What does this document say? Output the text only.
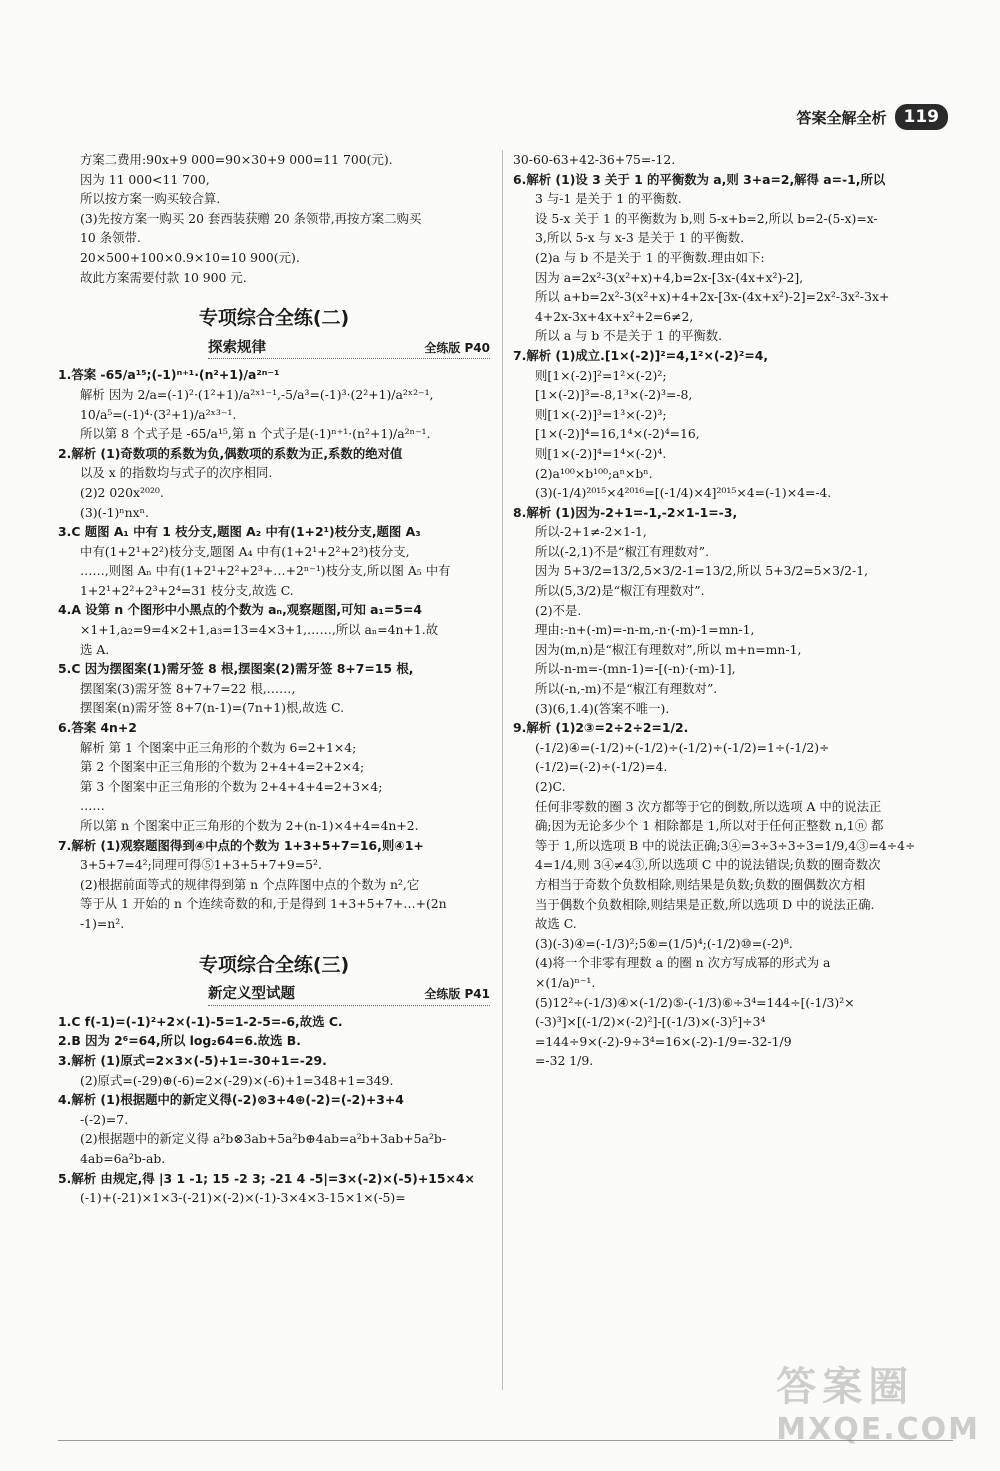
答案全解全析	119
方案二费用:90x+9 000=90×30+9 000=11 700(元).
因为 11 000<11 700,
所以按方案一购买较合算.
(3)先按方案一购买 20 套西装获赠 20 条领带,再按方案二购买
10 条领带.
20×500+100×0.9×10=10 900(元).
故此方案需要付款 10 900 元.
专项综合全练(二)
探索规律	全练版 P40
1.答案 -65/a¹⁵;(-1)ⁿ⁺¹·(n²+1)/a²ⁿ⁻¹
解析 因为 2/a=(-1)²·(1²+1)/a²ˣ¹⁻¹,-5/a³=(-1)³·(2²+1)/a²ˣ²⁻¹,
10/a⁵=(-1)⁴·(3²+1)/a²ˣ³⁻¹.
所以第 8 个式子是 -65/a¹⁵,第 n 个式子是(-1)ⁿ⁺¹·(n²+1)/a²ⁿ⁻¹.
2.解析 (1)奇数项的系数为负,偶数项的系数为正,系数的绝对值
以及 x 的指数均与式子的次序相同.
(2)2 020x²⁰²⁰.
(3)(-1)ⁿnxⁿ.
3.C 题图 A₁ 中有 1 枝分支,题图 A₂ 中有(1+2¹)枝分支,题图 A₃
中有(1+2¹+2²)枝分支,题图 A₄ 中有(1+2¹+2²+2³)枝分支,
……,则图 Aₙ 中有(1+2¹+2²+2³+…+2ⁿ⁻¹)枝分支,所以图 A₅ 中有
1+2¹+2²+2³+2⁴=31 枝分支,故选 C.
4.A 设第 n 个图形中小黑点的个数为 aₙ,观察题图,可知 a₁=5=4
×1+1,a₂=9=4×2+1,a₃=13=4×3+1,……,所以 aₙ=4n+1.故
选 A.
5.C 因为摆图案(1)需牙签 8 根,摆图案(2)需牙签 8+7=15 根,
摆图案(3)需牙签 8+7+7=22 根,……,
摆图案(n)需牙签 8+7(n-1)=(7n+1)根,故选 C.
6.答案 4n+2
解析 第 1 个图案中正三角形的个数为 6=2+1×4;
第 2 个图案中正三角形的个数为 2+4+4=2+2×4;
第 3 个图案中正三角形的个数为 2+4+4+4=2+3×4;
……
所以第 n 个图案中正三角形的个数为 2+(n-1)×4+4=4n+2.
7.解析 (1)观察题图得到④中点的个数为 1+3+5+7=16,则④1+
3+5+7=4²;同理可得⑤1+3+5+7+9=5².
(2)根据前面等式的规律得到第 n 个点阵图中点的个数为 n²,它
等于从 1 开始的 n 个连续奇数的和,于是得到 1+3+5+7+…+(2n
-1)=n².
专项综合全练(三)
新定义型试题	全练版 P41
1.C f(-1)=(-1)²+2×(-1)-5=1-2-5=-6,故选 C.
2.B 因为 2⁶=64,所以 log₂64=6.故选 B.
3.解析 (1)原式=2×3×(-5)+1=-30+1=-29.
(2)原式=(-29)⊕(-6)=2×(-29)×(-6)+1=348+1=349.
4.解析 (1)根据题中的新定义得(-2)⊗3+4⊕(-2)=(-2)+3+4
-(-2)=7.
(2)根据题中的新定义得 a²b⊗3ab+5a²b⊕4ab=a²b+3ab+5a²b-
4ab=6a²b-ab.
5.解析 由规定,得 |3 1 -1; 15 -2 3; -21 4 -5|=3×(-2)×(-5)+15×4×
(-1)+(-21)×1×3-(-21)×(-2)×(-1)-3×4×3-15×1×(-5)=
30-60-63+42-36+75=-12.
6.解析 (1)设 3 关于 1 的平衡数为 a,则 3+a=2,解得 a=-1,所以
3 与-1 是关于 1 的平衡数.
设 5-x 关于 1 的平衡数为 b,则 5-x+b=2,所以 b=2-(5-x)=x-
3,所以 5-x 与 x-3 是关于 1 的平衡数.
(2)a 与 b 不是关于 1 的平衡数.理由如下:
因为 a=2x²-3(x²+x)+4,b=2x-[3x-(4x+x²)-2],
所以 a+b=2x²-3(x²+x)+4+2x-[3x-(4x+x²)-2]=2x²-3x²-3x+
4+2x-3x+4x+x²+2=6≠2,
所以 a 与 b 不是关于 1 的平衡数.
7.解析 (1)成立.[1×(-2)]²=4,1²×(-2)²=4,
则[1×(-2)]²=1²×(-2)²;
[1×(-2)]³=-8,1³×(-2)³=-8,
则[1×(-2)]³=1³×(-2)³;
[1×(-2)]⁴=16,1⁴×(-2)⁴=16,
则[1×(-2)]⁴=1⁴×(-2)⁴.
(2)a¹⁰⁰×b¹⁰⁰;aⁿ×bⁿ.
(3)(-1/4)²⁰¹⁵×4²⁰¹⁶=[(-1/4)×4]²⁰¹⁵×4=(-1)×4=-4.
8.解析 (1)因为-2+1=-1,-2×1-1=-3,
所以-2+1≠-2×1-1,
所以(-2,1)不是“椒江有理数对”.
因为 5+3/2=13/2,5×3/2-1=13/2,所以 5+3/2=5×3/2-1,
所以(5,3/2)是“椒江有理数对”.
(2)不是.
理由:-n+(-m)=-n-m,-n·(-m)-1=mn-1,
因为(m,n)是“椒江有理数对”,所以 m+n=mn-1,
所以-n-m=-(mn-1)=-[(-n)·(-m)-1],
所以(-n,-m)不是“椒江有理数对”.
(3)(6,1.4)(答案不唯一).
9.解析 (1)2③=2÷2÷2=1/2.
(-1/2)④=(-1/2)÷(-1/2)÷(-1/2)÷(-1/2)=1÷(-1/2)÷
(-1/2)=(-2)÷(-1/2)=4.
(2)C.
任何非零数的圈 3 次方都等于它的倒数,所以选项 A 中的说法正
确;因为无论多少个 1 相除都是 1,所以对于任何正整数 n,1ⓝ 都
等于 1,所以选项 B 中的说法正确;3④=3÷3÷3÷3=1/9,4③=4÷4÷
4=1/4,则 3④≠4③,所以选项 C 中的说法错误;负数的圈奇数次
方相当于奇数个负数相除,则结果是负数;负数的圈偶数次方相
当于偶数个负数相除,则结果是正数,所以选项 D 中的说法正确.
故选 C.
(3)(-3)④=(-1/3)²;5⑥=(1/5)⁴;(-1/2)⑩=(-2)⁸.
(4)将一个非零有理数 a 的圈 n 次方写成幂的形式为 a
×(1/a)ⁿ⁻¹.
(5)12²÷(-1/3)④×(-1/2)⑤-(-1/3)⑥÷3⁴=144÷[(-1/3)²×
(-3)³]×[(-1/2)×(-2)²]-[(-1/3)×(-3)⁵]÷3⁴
=144÷9×(-2)-9÷3⁴=16×(-2)-1/9=-32-1/9
=-32 1/9.
答案圈
MXQE.COM
